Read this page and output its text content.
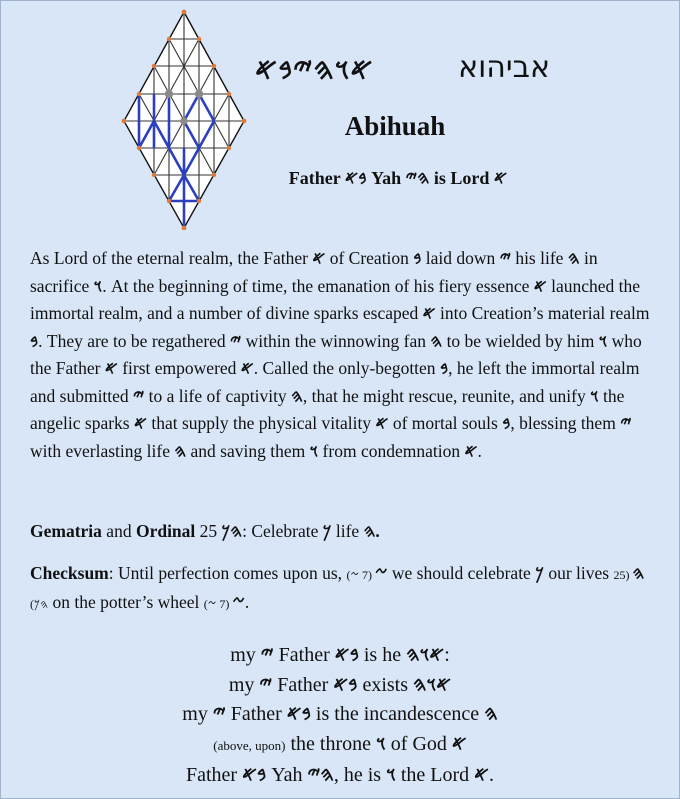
𐤀𐤅𐤄𐤉𐤁𐤀	אביהוא
Abihuah
Father 𐤁𐤀 Yah 𐤄𐤉 is Lord 𐤀
As Lord of the eternal realm, the Father 𐤀 of Creation 𐤁 laid down 𐤉 his life 𐤄 in sacrifice 𐤅. At the beginning of time, the emanation of his fiery essence 𐤀 launched the immortal realm, and a number of divine sparks escaped 𐤀 into Creation’s material realm 𐤁. They are to be regathered 𐤉 within the winnowing fan 𐤄 to be wielded by him 𐤅 who the Father 𐤀 first empowered 𐤀. Called the only-begotten 𐤁, he left the immortal realm and submitted 𐤉 to a life of captivity 𐤄, that he might rescue, reunite, and unify 𐤅 the angelic sparks 𐤀 that supply the physical vitality 𐤀 of mortal souls 𐤁, blessing them 𐤉 with everlasting life 𐤄 and saving them 𐤅 from condemnation 𐤀.
Gematria and Ordinal 25 𐤄𐤊: Celebrate 𐤊 life 𐤄.
Checksum: Until perfection comes upon us, 𐤆 (7 𐤆) we should celebrate 𐤊 our lives 𐤄 (25 𐤄𐤊) on the potter’s wheel 𐤆 (7 𐤆) .
my 𐤉 Father 𐤁𐤀 is he 𐤀𐤅𐤄:
my 𐤉 Father 𐤁𐤀 exists 𐤀𐤅𐤄
my 𐤉 Father 𐤁𐤀 is the incandescence 𐤄
(above, upon) the throne 𐤅 of God 𐤀
Father 𐤁𐤀 Yah 𐤄𐤉, he is 𐤅 the Lord 𐤀.
